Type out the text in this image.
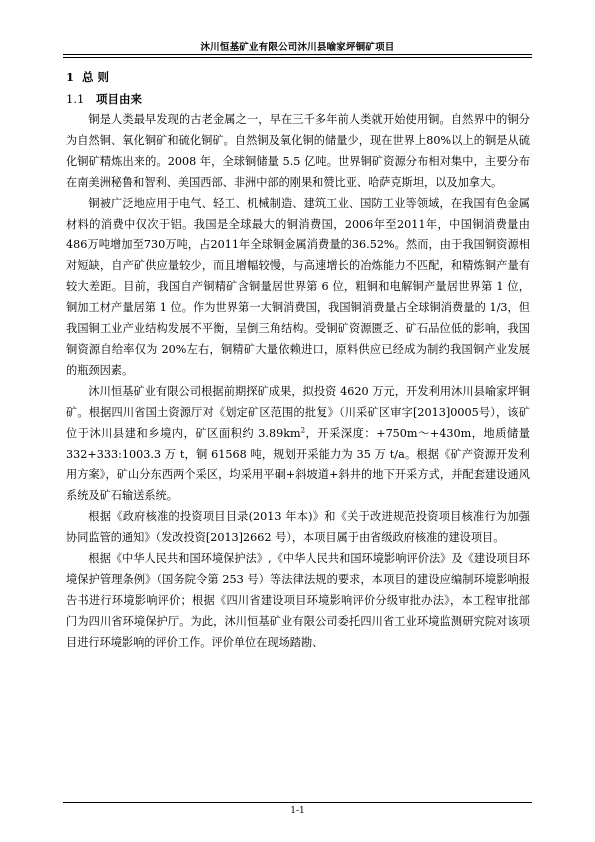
沐川恒基矿业有限公司沐川县喻家坪铜矿项目
1 总 则
1.1 项目由来

铜是人类最早发现的古老金属之一，早在三千多年前人类就开始使用铜。自然界中的铜分为自然铜、氧化铜矿和硫化铜矿。自然铜及氧化铜的储量少，现在世界上80%以上的铜是从硫化铜矿精炼出来的。2008 年，全球铜储量 5.5 亿吨。世界铜矿资源分布相对集中，主要分布在南美洲秘鲁和智利、美国西部、非洲中部的刚果和赞比亚、哈萨克斯坦，以及加拿大。

铜被广泛地应用于电气、轻工、机械制造、建筑工业、国防工业等领域，在我国有色金属材料的消费中仅次于铝。我国是全球最大的铜消费国，2006年至2011年，中国铜消费量由486万吨增加至730万吨，占2011年全球铜金属消费量的36.52%。然而，由于我国铜资源相对短缺，自产矿供应量较少，而且增幅较慢，与高速增长的冶炼能力不匹配，和精炼铜产量有较大差距。目前，我国自产铜精矿含铜量居世界第 6 位，粗铜和电解铜产量居世界第 1 位，铜加工材产量居第 1 位。作为世界第一大铜消费国，我国铜消费量占全球铜消费量的 1/3，但我国铜工业产业结构发展不平衡，呈倒三角结构。受铜矿资源匮乏、矿石品位低的影响，我国铜资源自给率仅为 20%左右，铜精矿大量依赖进口，原料供应已经成为制约我国铜产业发展的瓶颈因素。

沐川恒基矿业有限公司根据前期探矿成果，拟投资 4620 万元，开发利用沐川县喻家坪铜矿。根据四川省国土资源厅对《划定矿区范围的批复》（川采矿区审字[2013]0005号），该矿位于沐川县建和乡境内，矿区面积约 $3.89km^2$，开采深度：+750m～+430m，地质储量 332+333:1003.3 万 t，铜 61568 吨，规划开采能力为 35 万 t/a。根据《矿产资源开发利用方案》，矿山分东西两个采区，均采用平硐+斜坡道+斜井的地下开采方式，并配套建设通风系统及矿石输送系统。

根据《政府核准的投资项目目录(2013 年本)》和《关于改进规范投资项目核准行为加强协同监管的通知》（发改投资[2013]2662 号），本项目属于由省级政府核准的建设项目。

根据《中华人民共和国环境保护法》,《中华人民共和国环境影响评价法》及《建设项目环境保护管理条例》（国务院令第 253 号）等法律法规的要求，本项目的建设应编制环境影响报告书进行环境影响评价；根据《四川省建设项目环境影响评价分级审批办法》，本工程审批部门为四川省环境保护厅。为此，沐川恒基矿业有限公司委托四川省工业环境监测研究院对该项目进行环境影响的评价工作。评价单位在现场踏勘、

1-1
